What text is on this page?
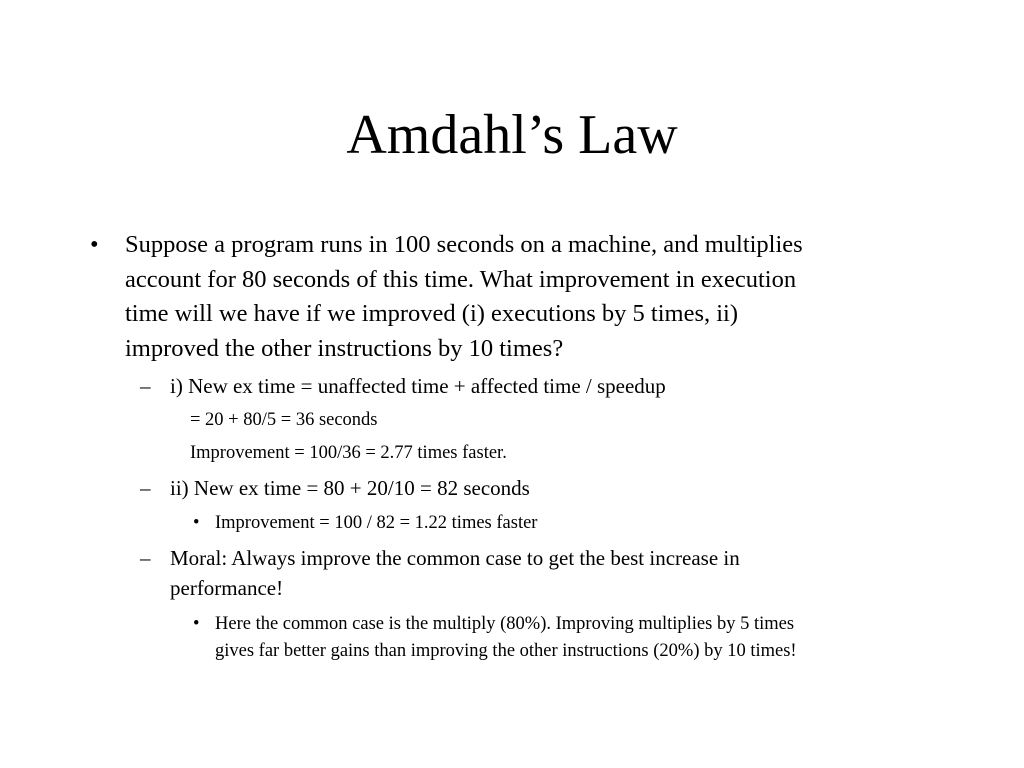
Amdahl’s Law
• Suppose a program runs in 100 seconds on a machine, and multiplies
account for 80 seconds of this time. What improvement in execution
time will we have if we improved (i) executions by 5 times, ii)
improved the other instructions by 10 times?
– i) New ex time = unaffected time + affected time / speedup
= 20 + 80/5 = 36 seconds
Improvement = 100/36 = 2.77 times faster.
– ii) New ex time = 80 + 20/10 = 82 seconds
• Improvement = 100 / 82 = 1.22 times faster
– Moral: Always improve the common case to get the best increase in
performance!
• Here the common case is the multiply (80%). Improving multiplies by 5 times
gives far better gains than improving the other instructions (20%) by 10 times!
